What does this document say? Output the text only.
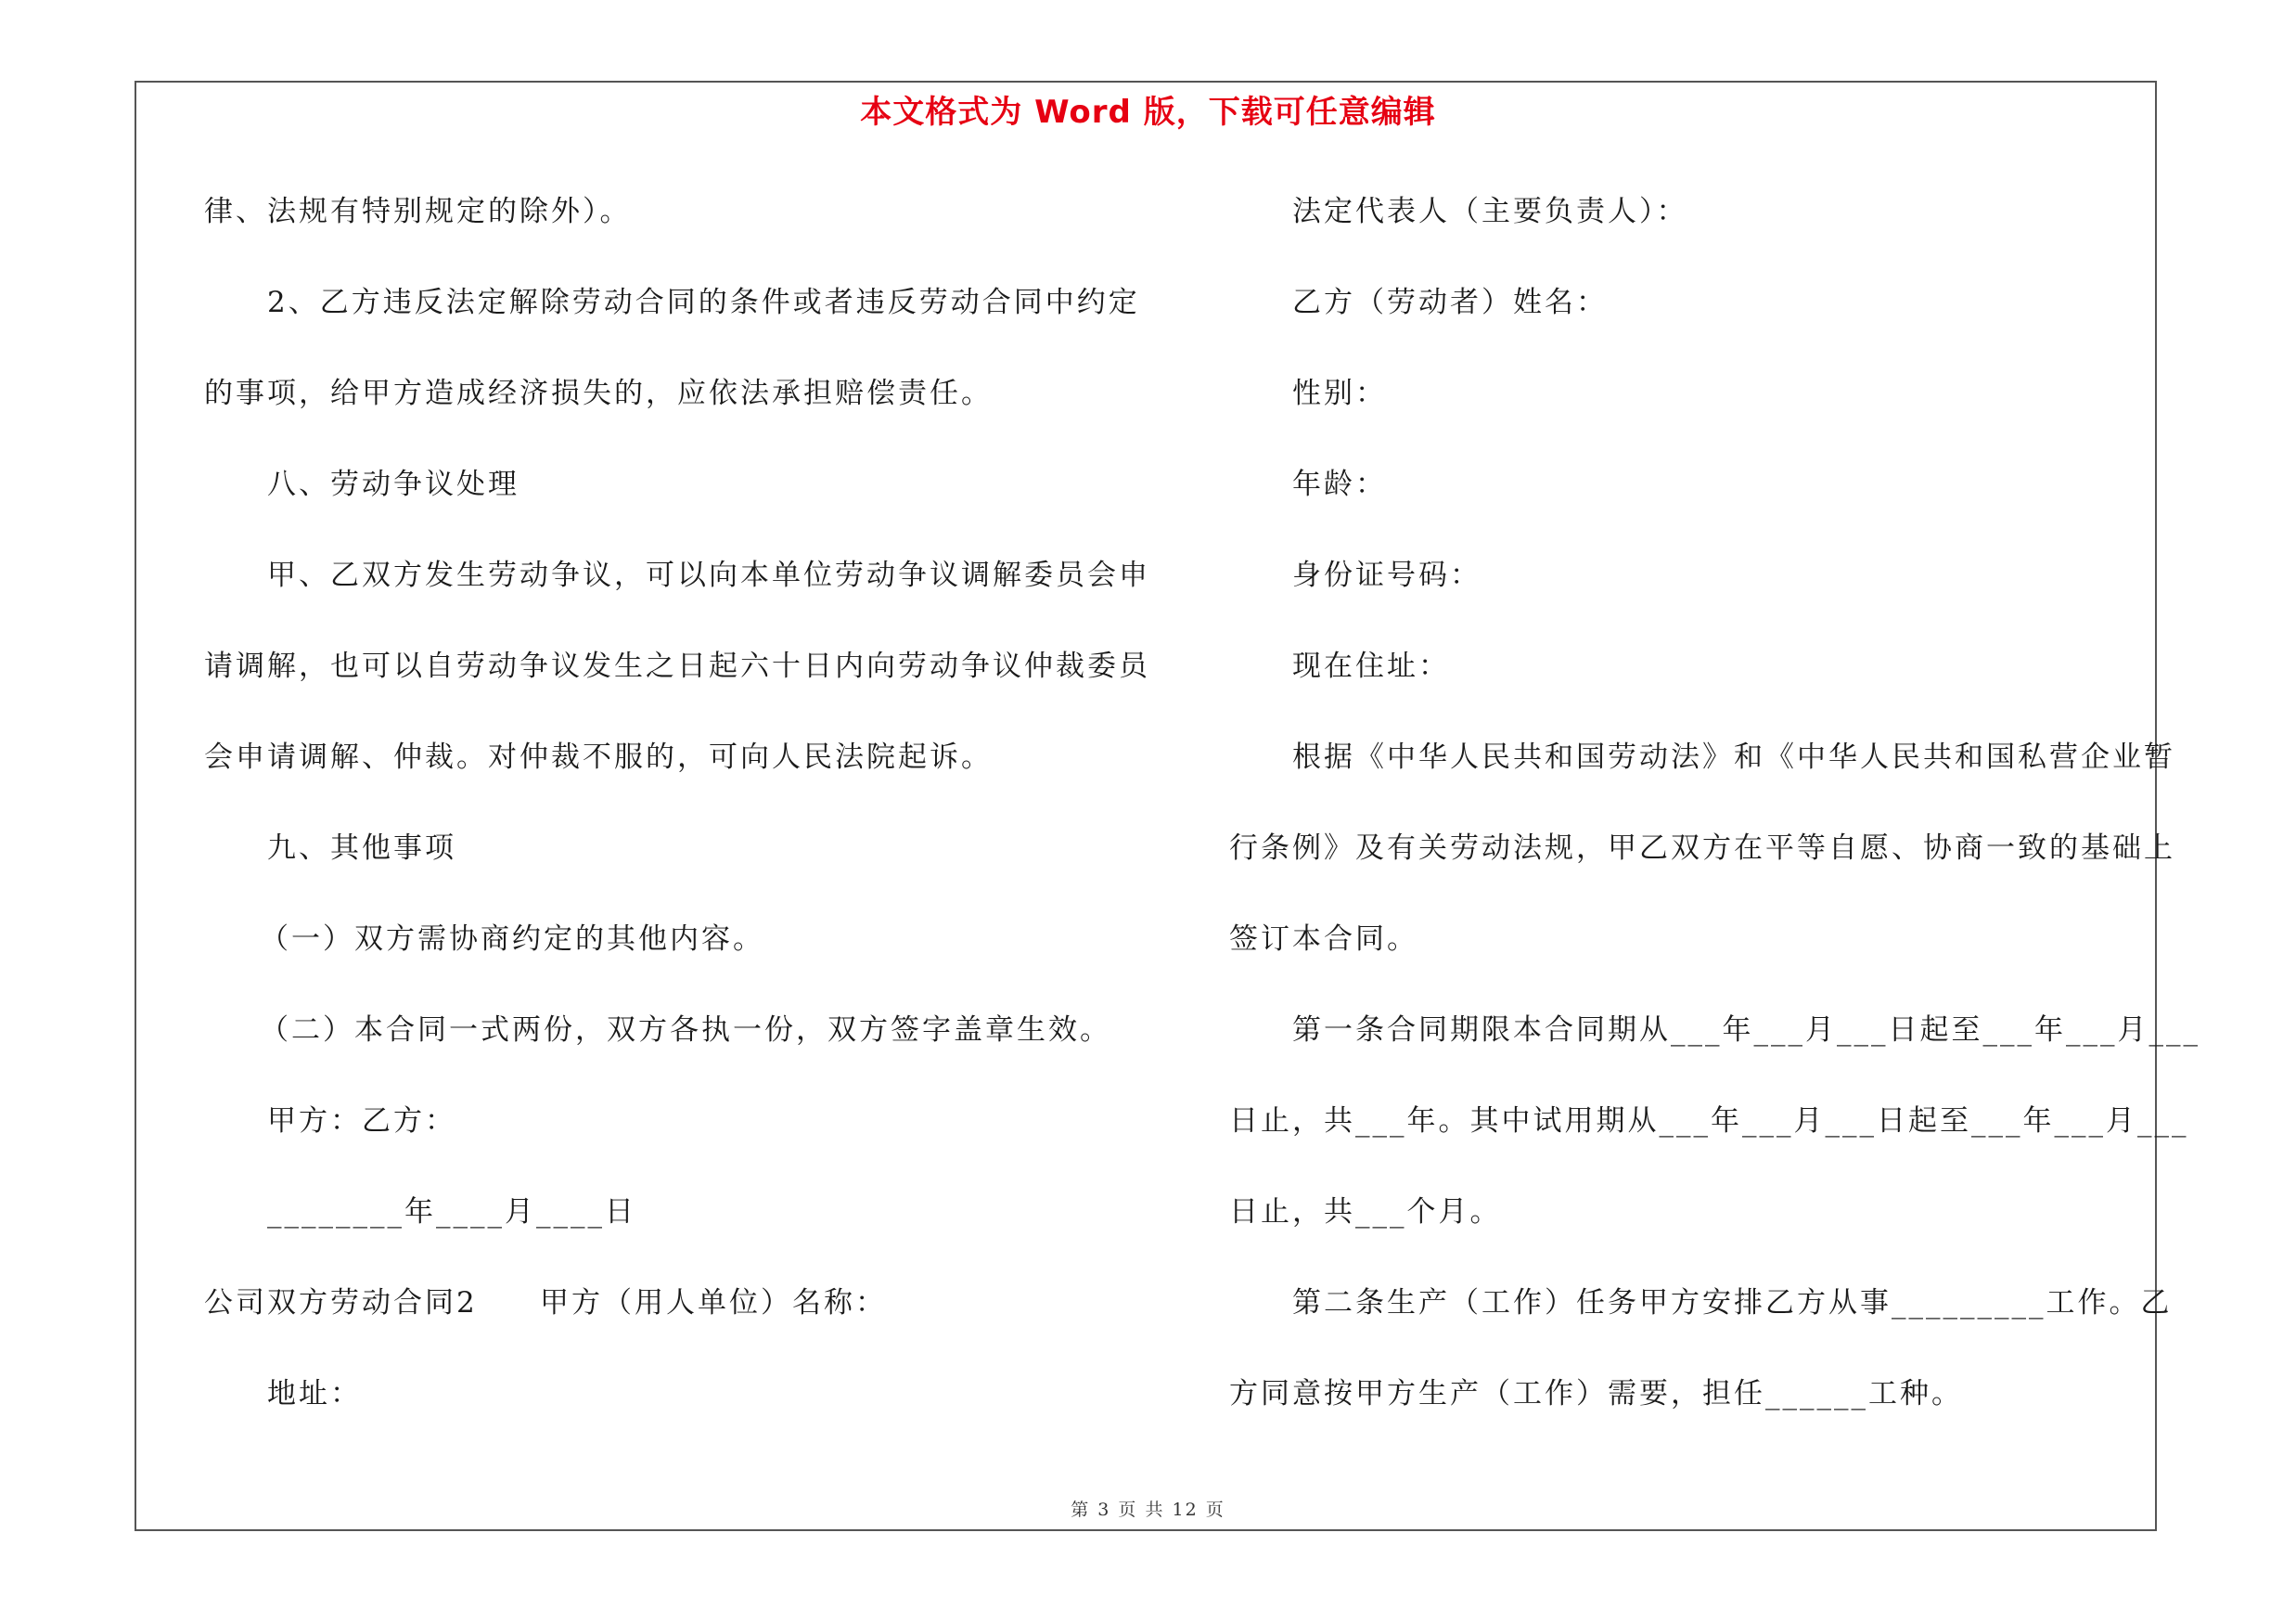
本文格式为 Word 版，下载可任意编辑
律、法规有特别规定的除外）。
2、乙方违反法定解除劳动合同的条件或者违反劳动合同中约定
的事项，给甲方造成经济损失的，应依法承担赔偿责任。
八、劳动争议处理
甲、乙双方发生劳动争议，可以向本单位劳动争议调解委员会申
请调解，也可以自劳动争议发生之日起六十日内向劳动争议仲裁委员
会申请调解、仲裁。对仲裁不服的，可向人民法院起诉。
九、其他事项
（一）双方需协商约定的其他内容。
（二）本合同一式两份，双方各执一份，双方签字盖章生效。
甲方：乙方：
________年____月____日
公司双方劳动合同2 甲方（用人单位）名称：
地址：
法定代表人（主要负责人）：
乙方（劳动者）姓名：
性别：
年龄：
身份证号码：
现在住址：
根据《中华人民共和国劳动法》和《中华人民共和国私营企业暂
行条例》及有关劳动法规，甲乙双方在平等自愿、协商一致的基础上
签订本合同。
第一条合同期限本合同期从___年___月___日起至___年___月___
日止，共___年。其中试用期从___年___月___日起至___年___月___
日止，共___个月。
第二条生产（工作）任务甲方安排乙方从事_________工作。乙
方同意按甲方生产（工作）需要，担任______工种。
第 3 页 共 12 页
